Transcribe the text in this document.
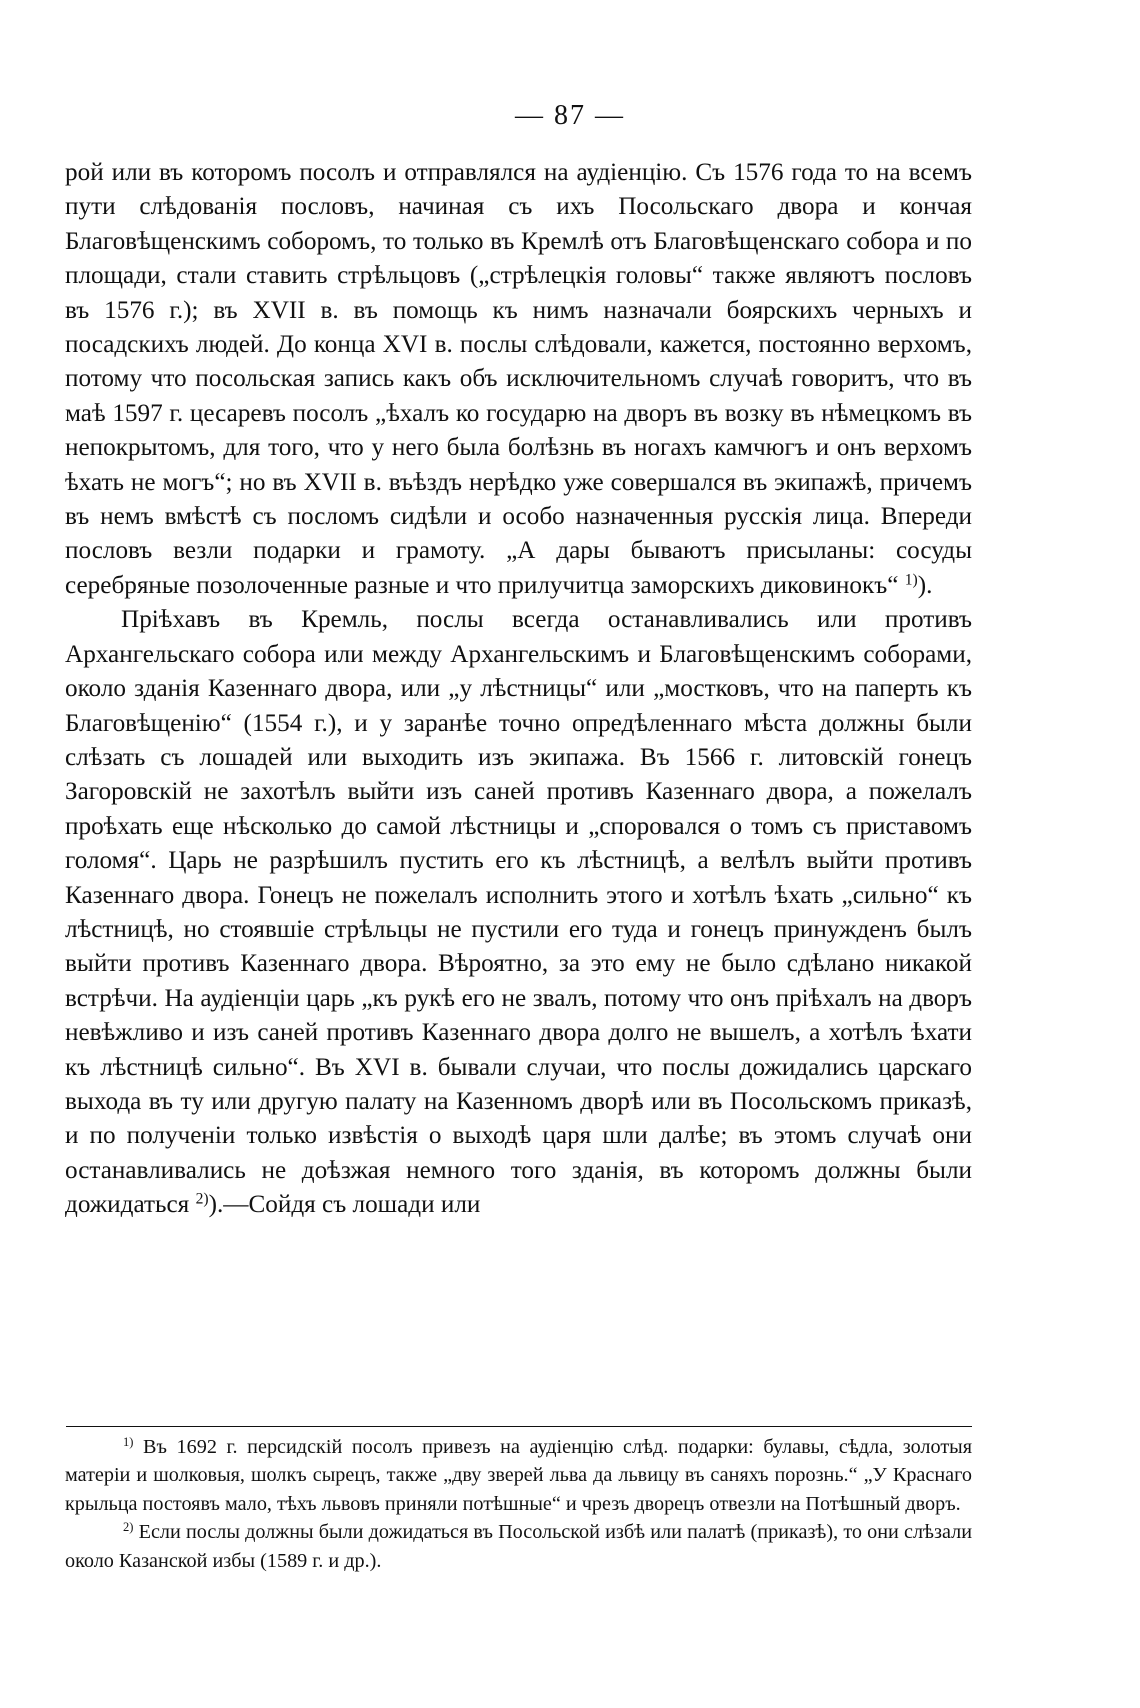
— 87 —

рой или въ которомъ посолъ и отправлялся на аудіенцію. Съ 1576 года то на всемъ пути слѣдованія пословъ, начиная съ ихъ Посольскаго двора и кончая Благовѣщенскимъ соборомъ, то только въ Кремлѣ отъ Благовѣщенскаго собора и по площади, стали ставить стрѣльцовъ („стрѣлецкія головы“ также являютъ пословъ въ 1576 г.); въ XVII в. въ помощь къ нимъ назначали боярскихъ черныхъ и посадскихъ людей. До конца XVI в. послы слѣдовали, кажется, постоянно верхомъ, потому что посольская запись какъ объ исключительномъ случаѣ говоритъ, что въ маѣ 1597 г. цесаревъ посолъ „ѣхалъ ко государю на дворъ въ возку въ нѣмецкомъ въ непокрытомъ, для того, что у него была болѣзнь въ ногахъ камчюгъ и онъ верхомъ ѣхать не могъ“; но въ XVII в. въѣздъ нерѣдко уже совершался въ экипажѣ, причемъ въ немъ вмѣстѣ съ посломъ сидѣли и особо назначенныя русскія лица. Впереди пословъ везли подарки и грамоту. „А дары бываютъ присыланы: сосуды серебряные позолоченные разные и что прилучитца заморскихъ диковинокъ“ $^{1)}$).

Пріѣхавъ въ Кремль, послы всегда останавливались или противъ Архангельскаго собора или между Архангельскимъ и Благовѣщенскимъ соборами, около зданія Казеннаго двора, или „у лѣстницы“ или „мостковъ, что на паперть къ Благовѣщенію“ (1554 г.), и у заранѣе точно опредѣленнаго мѣста должны были слѣзать съ лошадей или выходить изъ экипажа. Въ 1566 г. литовскій гонецъ Загоровскій не захотѣлъ выйти изъ саней противъ Казеннаго двора, а пожелалъ проѣхать еще нѣсколько до самой лѣстницы и „споровался о томъ съ приставомъ голомя“. Царь не разрѣшилъ пустить его къ лѣстницѣ, а велѣлъ выйти противъ Казеннаго двора. Гонецъ не пожелалъ исполнить этого и хотѣлъ ѣхать „сильно“ къ лѣстницѣ, но стоявшіе стрѣльцы не пустили его туда и гонецъ принужденъ былъ выйти противъ Казеннаго двора. Вѣроятно, за это ему не было сдѣлано никакой встрѣчи. На аудіенціи царь „къ рукѣ его не звалъ, потому что онъ пріѣхалъ на дворъ невѣжливо и изъ саней противъ Казеннаго двора долго не вышелъ, а хотѣлъ ѣхати къ лѣстницѣ сильно“. Въ XVI в. бывали случаи, что послы дожидались царскаго выхода въ ту или другую палату на Казенномъ дворѣ или въ Посольскомъ приказѣ, и по полученіи только извѣстія о выходѣ царя шли далѣе; въ этомъ случаѣ они останавливались не доѣзжая немного того зданія, въ которомъ должны были дожидаться $^{2)}$).—Сойдя съ лошади или

$^{1)}$ Въ 1692 г. персидскій посолъ привезъ на аудіенцію слѣд. подарки: булавы, сѣдла, золотыя матеріи и шолковыя, шолкъ сырецъ, также „дву зверей льва да львицу въ саняхъ порознь.“ „У Краснаго крыльца постоявъ мало, тѣхъ львовъ приняли потѣшные“ и чрезъ дворецъ отвезли на Потѣшный дворъ.

$^{2)}$ Если послы должны были дожидаться въ Посольской избѣ или палатѣ (приказѣ), то они слѣзали около Казанской избы (1589 г. и др.).
